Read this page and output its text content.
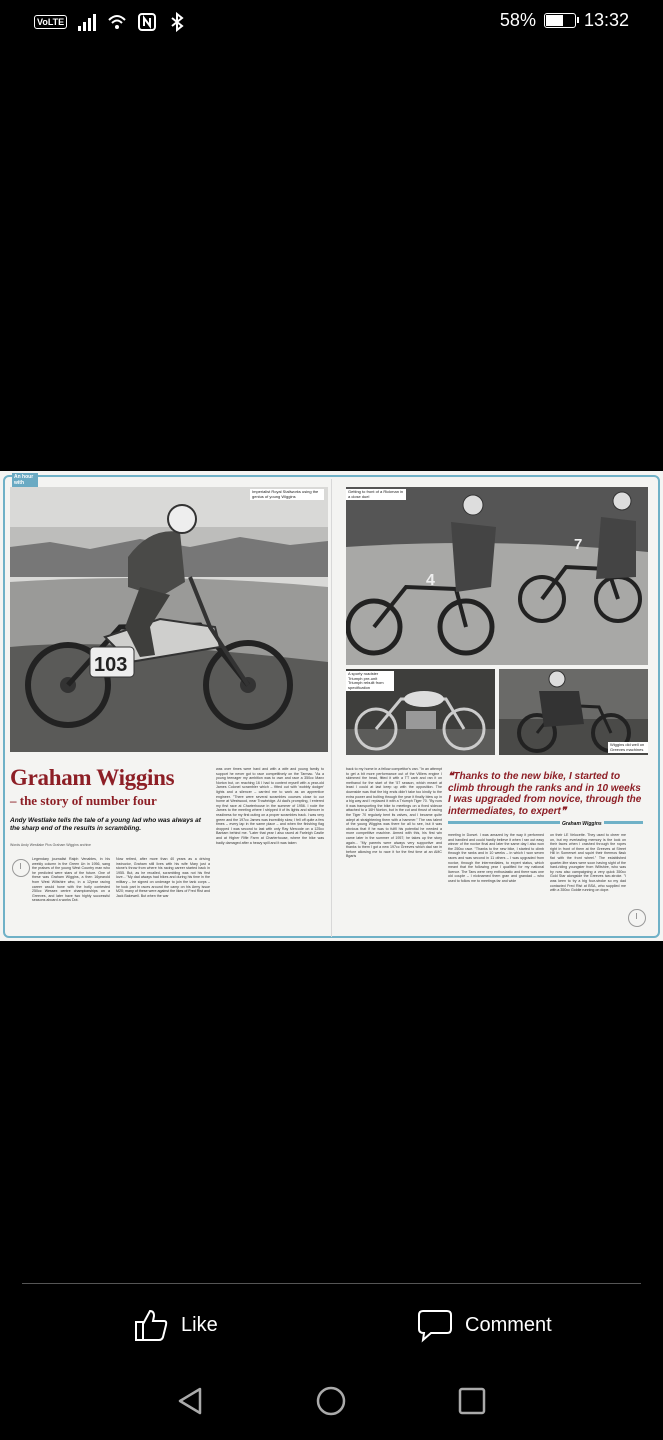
VoLTE	58%	13:32
An hour with
103
Imperialist Royal Stallworks using the genius of young Wiggins
4
7
Getting to front of a Rickman in a close duel
A sporty roadster Triumph pre-unit Triumph rebuilt from specification
Wiggins did well on Greeves machines
Graham Wiggins
– the story of number four
Andy Westlake tells the tale of a young lad who was always at the sharp end of the results in scrambling.
Words Andy Westlake Pics Graham Wiggins archive
Legendary journalist Ralph Venables, in his weekly column in the Green Un in 1956, sang the praises of the young West Country man who he predicted were stars of the future. One of these was Graham Wiggins, a then 16yearold from West Wiltshire who, in a 12year racing career would hone with the hotly contested 250cc Wessex centre championships on a Greeves, and later have two highly successful seasons aboard a works Dot.
Now retired, after more than 40 years as a driving instructor, Graham still lives with his wife Mary just a stone's throw from where his racing career started back in 1955. But, as he recalled, scrambling was not his first love... "My dad always had bikes and during his time in the military – he signed on underage to join the tank corps – he took part in races around the camp on his Army issue M20; many of these were against the likes of Fred Rist and Jack Bakewell. But when the war
was over times were hard and with a wife and young family to support he never got to race competitively on the Tarmac. "As a young teenager my ambition was to own and race a 350cc Manx Norton but, on reaching 16 I had to content myself with a year-old James Colonel scrambler which – fitted out with 'wobbly dodger' lights and a silencer – carried me to work as an apprentice engineer. "There were several scrambles courses close to our home at Westwood, near Trowbridge. At dad's prompting, I entered my first race at Charterhouse in the summer of 1956. I rode the James to the meeting where I stripped it of its lights and silencer in readiness for my first outing on a proper scrambles track. I was very green and the 197cc James was incredibly slow; I fell off quite a few times – every lap in the same place – and when the finishing flag dropped I was second to last with only Ray Mercode on a 125cc Bantam behind me. "Later that year I also raced at Farleigh Castle and at Higher Rifle Farm at Charterhouse, where the bike was badly damaged after a heavy spill and it was taken
back to my home in a fellow competitor's van. "In an attempt to get a bit more performance out of the Villiers engine I skimmed the head, fitted it with a TT carb and ran it on methanol for the start of the '57 season, which meant at least I could at last keep up with the opposition. The downside was that the big ends didn't take too kindly to the extra power and bolting through the year it finally blew up in a big way and I replaced it with a Triumph Tiger 70. "By now it was transporting the bike to meetings on a fixed sidecar attached to a 16H Norton, but in the cut and thrust of racing the Tiger 70 regularly bent its valves, and I became quite adept at straightening them with a hammer." The raw talent of the young Wiggins was there for all to see, but it was obvious that if he was to fulfil his potential he needed a more competitive machine. Armed with this, his first win came later in the summer of 1957; he takes up the story again... "My parents were always very supportive and thanks to them I got a new 197cc Greeves which dad ran in before allowing me to race it for the first time at an AMC Bgaris
❝Thanks to the new bike, I started to climb through the ranks and in 10 weeks I was upgraded from novice, through the intermediates, to expert❞
Graham Wiggins
meeting in Dorset. I was amazed by the way it performed and handled and could hardly believe it when I ran out easy winner of the novice final and later the same day I also won the 250cc race. "Thanks to the new bike, I started to climb through the ranks and in 10 weeks – in which I won seven races and was second in 11 others – I was upgraded from novice, through the intermediates, to expert status, which meant that the following year I qualified for my national licence. The Tans were very enthusiastic and there was one old couple – I nicknamed them gran and grandad – who used to follow me to meetings far and wide
on their LE Velocette. They used to cheer me on, but my everlasting memory is the look on their faces when I crashed through the ropes right in front of them at the Greeves at Street Hill in Somerset and squirt their thermos flask flat with the front wheel." The established quarter-litre stars were soon having sight of the hard-riding youngster from Wiltshire, who was by now also campaigning a very quick 350cc Gold Star alongside the Greeves two-stroke. "I was keen to try a big four-stroke so my dad contacted Fred Rist at BSA, who supplied me with a 350cc Goldie running on dope.
Like	Comment
